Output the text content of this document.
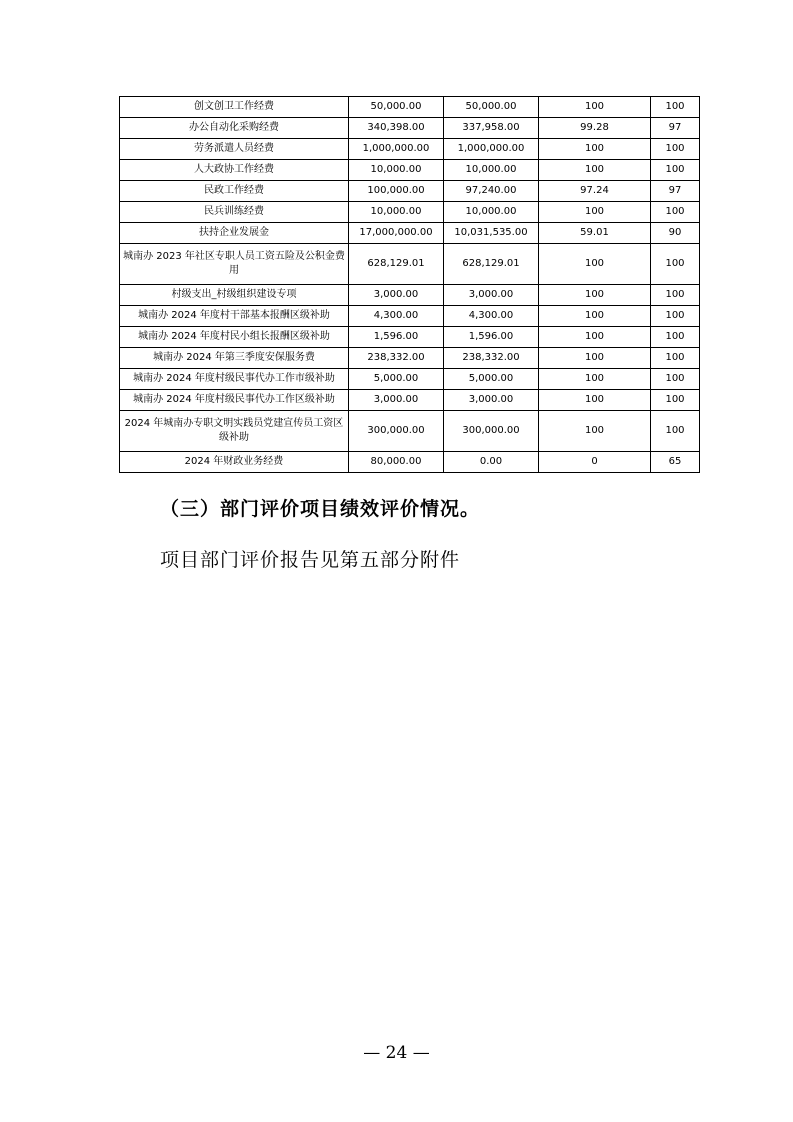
创文创卫工作经费	50,000.00	50,000.00	100	100
办公自动化采购经费	340,398.00	337,958.00	99.28	97
劳务派遣人员经费	1,000,000.00	1,000,000.00	100	100
人大政协工作经费	10,000.00	10,000.00	100	100
民政工作经费	100,000.00	97,240.00	97.24	97
民兵训练经费	10,000.00	10,000.00	100	100
扶持企业发展金	17,000,000.00	10,031,535.00	59.01	90
城南办 2023 年社区专职人员工资五险及公积金费用	628,129.01	628,129.01	100	100
村级支出_村级组织建设专项	3,000.00	3,000.00	100	100
城南办 2024 年度村干部基本报酬区级补助	4,300.00	4,300.00	100	100
城南办 2024 年度村民小组长报酬区级补助	1,596.00	1,596.00	100	100
城南办 2024 年第三季度安保服务费	238,332.00	238,332.00	100	100
城南办 2024 年度村级民事代办工作市级补助	5,000.00	5,000.00	100	100
城南办 2024 年度村级民事代办工作区级补助	3,000.00	3,000.00	100	100
2024 年城南办专职文明实践员党建宣传员工资区级补助	300,000.00	300,000.00	100	100
2024 年财政业务经费	80,000.00	0.00	0	65
（三）部门评价项目绩效评价情况。
项目部门评价报告见第五部分附件
— 24 —
